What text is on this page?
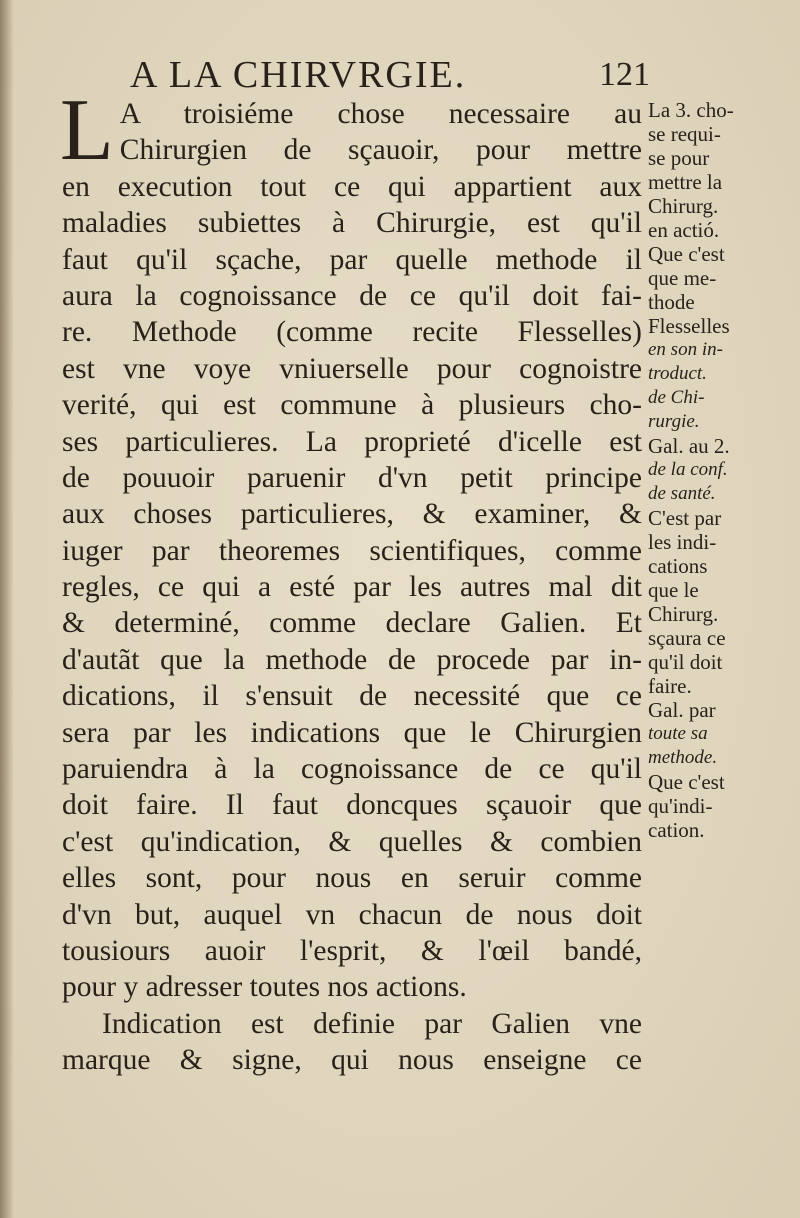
A LA CHIRVRGIE.	121
L A troisiéme chose necessaire au
Chirurgien de sçauoir, pour mettre
en execution tout ce qui appartient aux
maladies subiettes à Chirurgie, est qu'il
faut qu'il sçache, par quelle methode il
aura la cognoissance de ce qu'il doit fai-
re. Methode (comme recite Flesselles)
est vne voye vniuerselle pour cognoistre
verité, qui est commune à plusieurs cho-
ses particulieres. La proprieté d'icelle est
de pouuoir paruenir d'vn petit principe
aux choses particulieres, & examiner, &
iuger par theoremes scientifiques, comme
regles, ce qui a esté par les autres mal dit
& determiné, comme declare Galien. Et
d'autãt que la methode de procede par in-
dications, il s'ensuit de necessité que ce
sera par les indications que le Chirurgien
paruiendra à la cognoissance de ce qu'il
doit faire. Il faut doncques sçauoir que
c'est qu'indication, & quelles & combien
elles sont, pour nous en seruir comme
d'vn but, auquel vn chacun de nous doit
tousiours auoir l'esprit, & l'œil bandé,
pour y adresser toutes nos actions.
Indication est definie par Galien vne
marque & signe, qui nous enseigne ce
La 3. cho-
se requi-
se pour
mettre la
Chirurg.
en actió.
Que c'est
que me-
thode
Flesselles
en son in-
troduct.
de Chi-
rurgie.
Gal. au 2.
de la conf.
de santé.
C'est par
les indi-
cations
que le
Chirurg.
sçaura ce
qu'il doit
faire.
Gal. par
toute sa
methode.
Que c'est
qu'indi-
cation.
